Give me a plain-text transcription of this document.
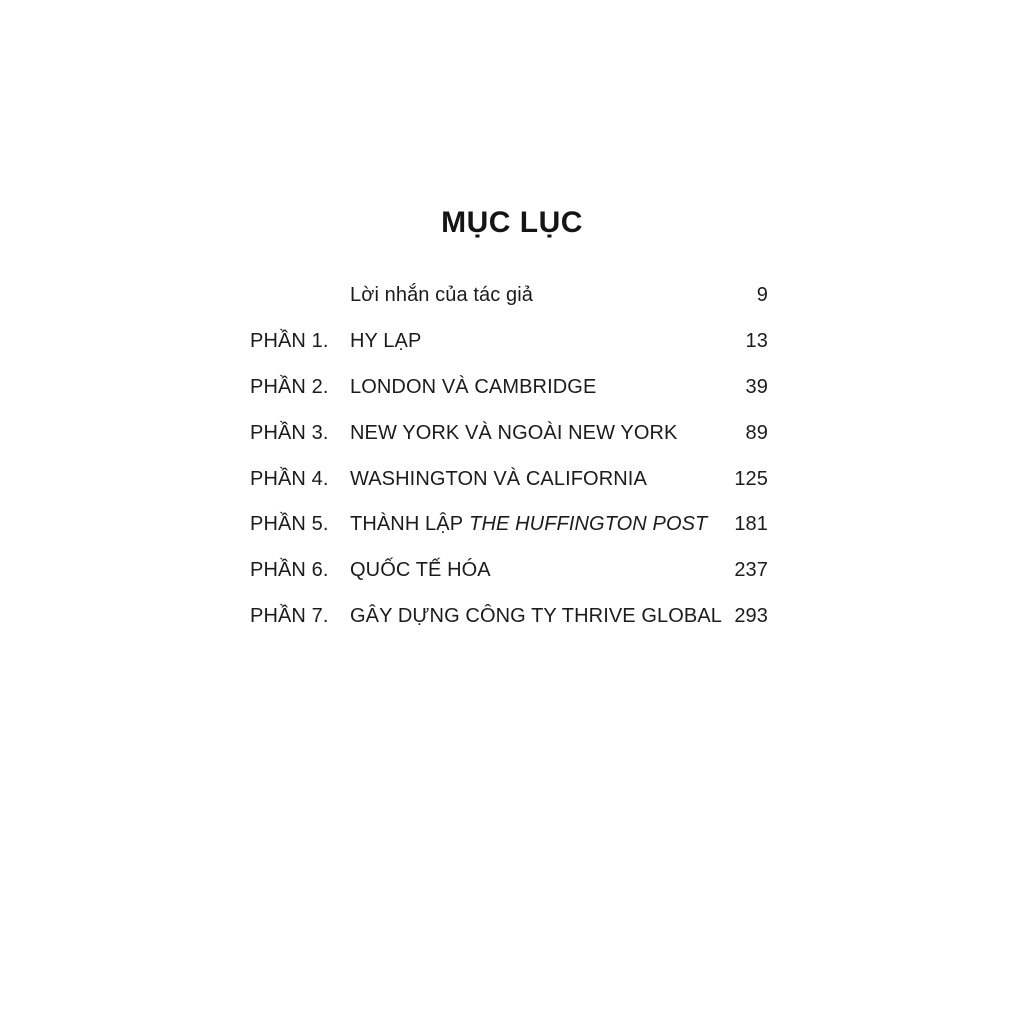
MỤC LỤC
Lời nhắn của tác giả	9
PHẦN 1.	HY LẠP	13
PHẦN 2.	LONDON VÀ CAMBRIDGE	39
PHẦN 3.	NEW YORK VÀ NGOÀI NEW YORK	89
PHẦN 4.	WASHINGTON VÀ CALIFORNIA	125
PHẦN 5.	THÀNH LẬP THE HUFFINGTON POST	181
PHẦN 6.	QUỐC TẾ HÓA	237
PHẦN 7.	GÂY DỰNG CÔNG TY THRIVE GLOBAL 293
